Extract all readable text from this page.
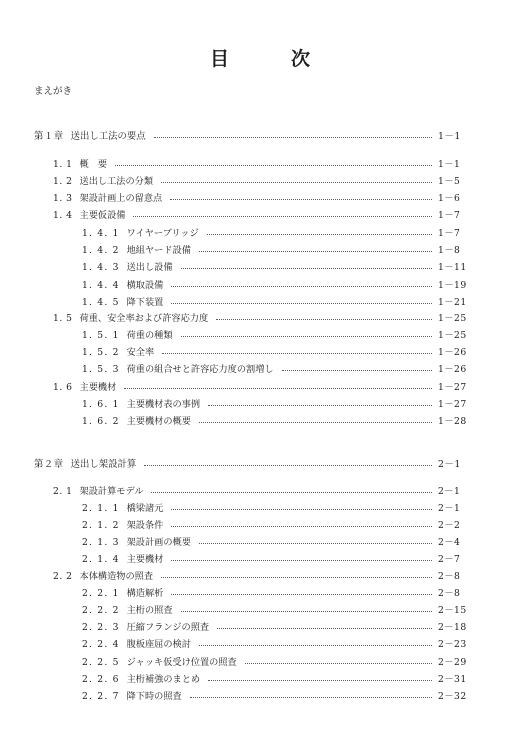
目	次
まえがき
第１章 送出し工法の要点	1－1
1. 1 概　要	1－1
1. 2 送出し工法の分類	1－5
1. 3 架設計画上の留意点	1－6
1. 4 主要仮設備	1－7
1. 4. 1 ワイヤーブリッジ	1－7
1. 4. 2 地組ヤード設備	1－8
1. 4. 3 送出し設備	1－11
1. 4. 4 横取設備	1－19
1. 4. 5 降下装置	1－21
1. 5 荷重、安全率および許容応力度	1－25
1. 5. 1 荷重の種類	1－25
1. 5. 2 安全率	1－26
1. 5. 3 荷重の組合せと許容応力度の割増し	1－26
1. 6 主要機材	1－27
1. 6. 1 主要機材表の事例	1－27
1. 6. 2 主要機材の概要	1－28
第２章 送出し架設計算	2－1
2. 1 架設計算モデル	2－1
2. 1. 1 橋梁諸元	2－1
2. 1. 2 架設条件	2－2
2. 1. 3 架設計画の概要	2－4
2. 1. 4 主要機材	2－7
2. 2 本体構造物の照査	2－8
2. 2. 1 構造解析	2－8
2. 2. 2 主桁の照査	2－15
2. 2. 3 圧縮フランジの照査	2－18
2. 2. 4 腹板座屈の検討	2－23
2. 2. 5 ジャッキ仮受け位置の照査	2－29
2. 2. 6 主桁補強のまとめ	2－31
2. 2. 7 降下時の照査	2－32
